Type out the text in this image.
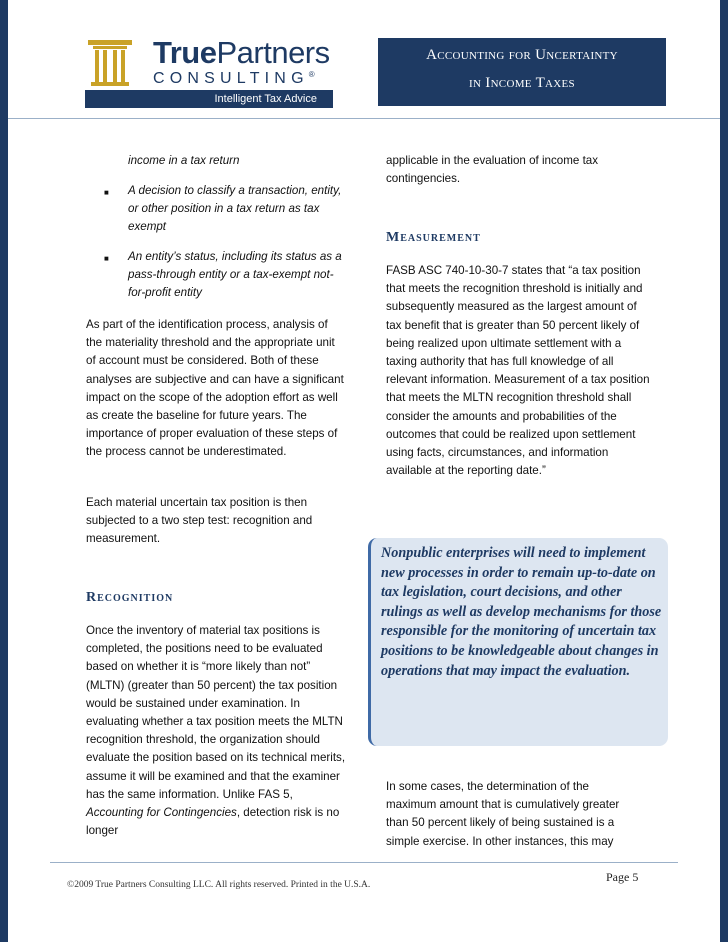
TruePartners
CONSULTING®
Intelligent Tax Advice
Accounting for Uncertainty
in Income Taxes
income in a tax return
■ A decision to classify a transaction, entity, or other position in a tax return as tax exempt
■ An entity’s status, including its status as a pass-through entity or a tax-exempt not-for-profit entity
As part of the identification process, analysis of the materiality threshold and the appropriate unit of account must be considered. Both of these analyses are subjective and can have a significant impact on the scope of the adoption effort as well as create the baseline for future years. The importance of proper evaluation of these steps of the process cannot be underestimated.
Each material uncertain tax position is then subjected to a two step test: recognition and measurement.
Recognition
Once the inventory of material tax positions is completed, the positions need to be evaluated based on whether it is “more likely than not” (MLTN) (greater than 50 percent) the tax position would be sustained under examination. In evaluating whether a tax position meets the MLTN recognition threshold, the organization should evaluate the position based on its technical merits, assume it will be examined and that the examiner has the same information. Unlike FAS 5, Accounting for Contingencies, detection risk is no longer
applicable in the evaluation of income tax contingencies.
Measurement
FASB ASC 740-10-30-7 states that “a tax position that meets the recognition threshold is initially and subsequently measured as the largest amount of tax benefit that is greater than 50 percent likely of being realized upon ultimate settlement with a taxing authority that has full knowledge of all relevant information. Measurement of a tax position that meets the MLTN recognition threshold shall consider the amounts and probabilities of the outcomes that could be realized upon settlement using facts, circumstances, and information available at the reporting date.”

Nonpublic enterprises will need to implement new processes in order to remain up-to-date on tax legislation, court decisions, and other rulings as well as develop mechanisms for those responsible for the monitoring of uncertain tax positions to be knowledgeable about changes in operations that may impact the evaluation.

In some cases, the determination of the maximum amount that is cumulatively greater than 50 percent likely of being sustained is a simple exercise. In other instances, this may
Page 5
©2009 True Partners Consulting LLC. All rights reserved. Printed in the U.S.A.
